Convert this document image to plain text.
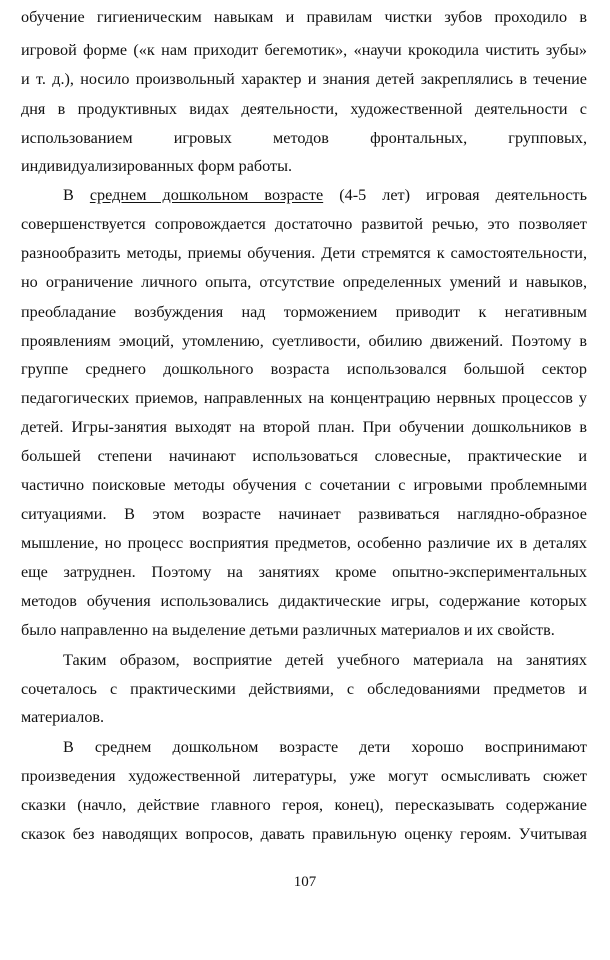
обучение гигиеническим навыкам и правилам чистки зубов проходило в
игровой форме («к нам приходит бегемотик», «научи крокодила чистить зубы»
и т. д.), носило произвольный характер и знания детей закреплялись в течение
дня в продуктивных видах деятельности, художественной деятельности с
использованием игровых методов фронтальных, групповых,
индивидуализированных форм работы.
В среднем дошкольном возрасте (4-5 лет) игровая деятельность
совершенствуется сопровождается достаточно развитой речью, это позволяет
разнообразить методы, приемы обучения. Дети стремятся к самостоятельности,
но ограничение личного опыта, отсутствие определенных умений и навыков,
преобладание возбуждения над торможением приводит к негативным
проявлениям эмоций, утомлению, суетливости, обилию движений. Поэтому в
группе среднего дошкольного возраста использовался большой сектор
педагогических приемов, направленных на концентрацию нервных процессов у
детей. Игры-занятия выходят на второй план. При обучении дошкольников в
большей степени начинают использоваться словесные, практические и
частично поисковые методы обучения с сочетании с игровыми проблемными
ситуациями. В этом возрасте начинает развиваться наглядно-образное
мышление, но процесс восприятия предметов, особенно различие их в деталях
еще затруднен. Поэтому на занятиях кроме опытно-экспериментальных
методов обучения использовались дидактические игры, содержание которых
было направленно на выделение детьми различных материалов и их свойств.
Таким образом, восприятие детей учебного материала на занятиях
сочеталось с практическими действиями, с обследованиями предметов и
материалов.
В среднем дошкольном возрасте дети хорошо воспринимают
произведения художественной литературы, уже могут осмысливать сюжет
сказки (начло, действие главного героя, конец), пересказывать содержание
сказок без наводящих вопросов, давать правильную оценку героям. Учитывая
107
